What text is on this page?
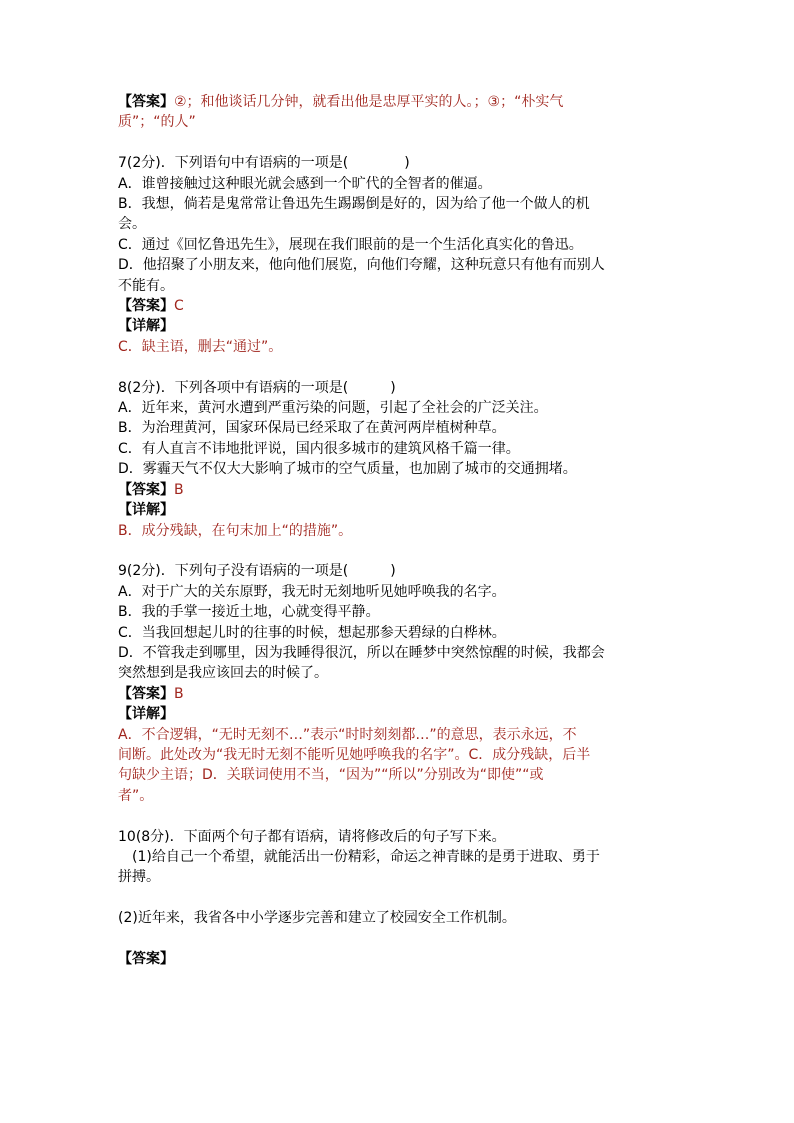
【答案】②；和他谈话几分钟，就看出他是忠厚平实的人。；③；“朴实气
质”；“的人”
7(2分)．下列语句中有语病的一项是(　　　　)
A．谁曾接触过这种眼光就会感到一个旷代的全智者的催逼。
B．我想，倘若是鬼常常让鲁迅先生踢踢倒是好的，因为给了他一个做人的机
会。
C．通过《回忆鲁迅先生》，展现在我们眼前的是一个生活化真实化的鲁迅。
D．他招聚了小朋友来，他向他们展览，向他们夸耀，这种玩意只有他有而别人
不能有。
【答案】C
【详解】
C．缺主语，删去“通过”。
8(2分)．下列各项中有语病的一项是(　　　)
A．近年来，黄河水遭到严重污染的问题，引起了全社会的广泛关注。
B．为治理黄河，国家环保局已经采取了在黄河两岸植树种草。
C．有人直言不讳地批评说，国内很多城市的建筑风格千篇一律。
D．雾霾天气不仅大大影响了城市的空气质量，也加剧了城市的交通拥堵。
【答案】B
【详解】
B．成分残缺，在句末加上“的措施”。
9(2分)．下列句子没有语病的一项是(　　　)
A．对于广大的关东原野，我无时无刻地听见她呼唤我的名字。
B．我的手掌一接近土地，心就变得平静。
C．当我回想起儿时的往事的时候，想起那参天碧绿的白桦林。
D．不管我走到哪里，因为我睡得很沉，所以在睡梦中突然惊醒的时候，我都会
突然想到是我应该回去的时候了。
【答案】B
【详解】
A．不合逻辑，“无时无刻不…”表示“时时刻刻都…”的意思，表示永远，不
间断。此处改为“我无时无刻不能听见她呼唤我的名字”。C．成分残缺，后半
句缺少主语；D．关联词使用不当，“因为”“所以”分别改为“即使”“或
者”。
10(8分)．下面两个句子都有语病，请将修改后的句子写下来。
　(1)给自己一个希望，就能活出一份精彩，命运之神青睐的是勇于进取、勇于
拼搏。
(2)近年来，我省各中小学逐步完善和建立了校园安全工作机制。
【答案】
